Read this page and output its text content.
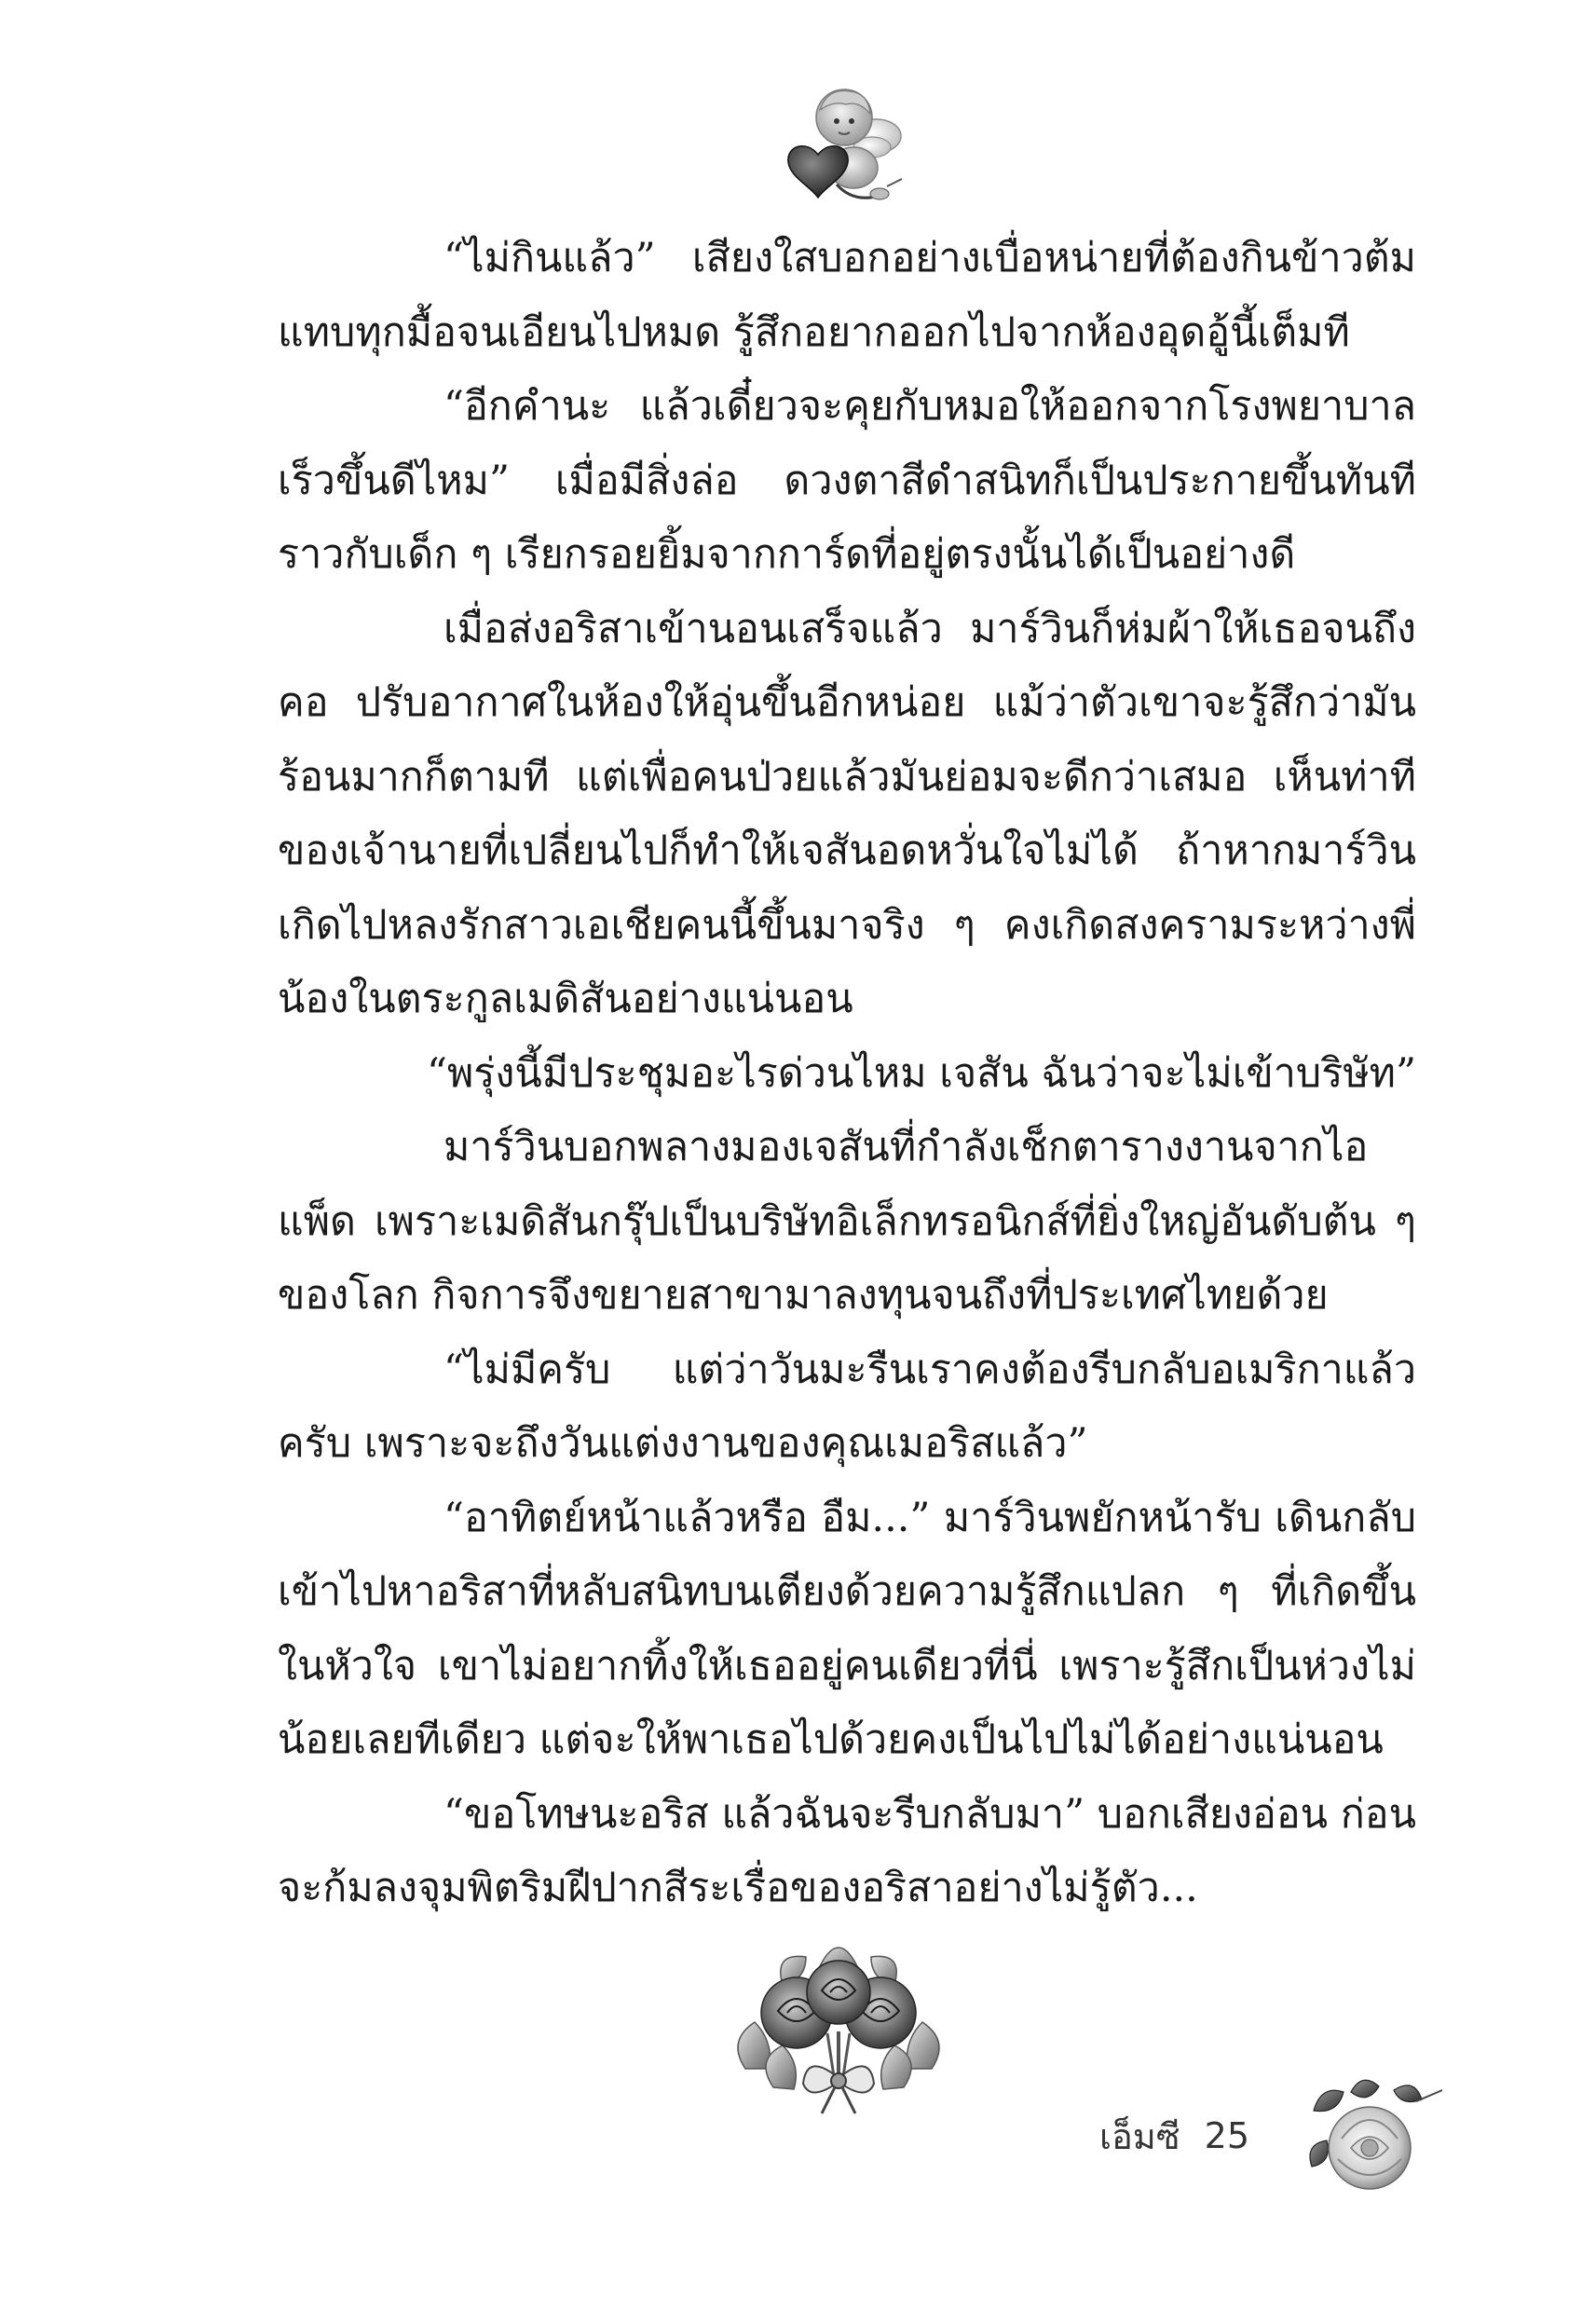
“ไม่กินแล้ว” เสียงใสบอกอย่างเบื่อหน่ายที่ต้องกินข้าวต้มแทบทุกมื้อจนเอียนไปหมด รู้สึกอยากออกไปจากห้องอุดอู้นี้เต็มที

“อีกคำนะ แล้วเดี๋ยวจะคุยกับหมอให้ออกจากโรงพยาบาลเร็วขึ้นดีไหม” เมื่อมีสิ่งล่อ ดวงตาสีดำสนิทก็เป็นประกายขึ้นทันทีราวกับเด็ก ๆ เรียกรอยยิ้มจากการ์ดที่อยู่ตรงนั้นได้เป็นอย่างดี

เมื่อส่งอริสาเข้านอนเสร็จแล้ว มาร์วินก็ห่มผ้าให้เธอจนถึงคอ ปรับอากาศในห้องให้อุ่นขึ้นอีกหน่อย แม้ว่าตัวเขาจะรู้สึกว่ามันร้อนมากก็ตามที แต่เพื่อคนป่วยแล้วมันย่อมจะดีกว่าเสมอ เห็นท่าทีของเจ้านายที่เปลี่ยนไปก็ทำให้เจสันอดหวั่นใจไม่ได้ ถ้าหากมาร์วินเกิดไปหลงรักสาวเอเชียคนนี้ขึ้นมาจริง ๆ คงเกิดสงครามระหว่างพี่น้องในตระกูลเมดิสันอย่างแน่นอน

“พรุ่งนี้มีประชุมอะไรด่วนไหม เจสัน ฉันว่าจะไม่เข้าบริษัท”

มาร์วินบอกพลางมองเจสันที่กำลังเช็กตารางงานจากไอแพ็ด เพราะเมดิสันกรุ๊ปเป็นบริษัทอิเล็กทรอนิกส์ที่ยิ่งใหญ่อันดับต้น ๆ ของโลก กิจการจึงขยายสาขามาลงทุนจนถึงที่ประเทศไทยด้วย

“ไม่มีครับ แต่ว่าวันมะรืนเราคงต้องรีบกลับอเมริกาแล้วครับ เพราะจะถึงวันแต่งงานของคุณเมอริสแล้ว”

“อาทิตย์หน้าแล้วหรือ อืม...” มาร์วินพยักหน้ารับ เดินกลับเข้าไปหาอริสาที่หลับสนิทบนเตียงด้วยความรู้สึกแปลก ๆ ที่เกิดขึ้นในหัวใจ เขาไม่อยากทิ้งให้เธออยู่คนเดียวที่นี่ เพราะรู้สึกเป็นห่วงไม่น้อยเลยทีเดียว แต่จะให้พาเธอไปด้วยคงเป็นไปไม่ได้อย่างแน่นอน

“ขอโทษนะอริส แล้วฉันจะรีบกลับมา” บอกเสียงอ่อน ก่อนจะก้มลงจุมพิตริมฝีปากสีระเรื่อของอริสาอย่างไม่รู้ตัว...

เอ็มซี 25
